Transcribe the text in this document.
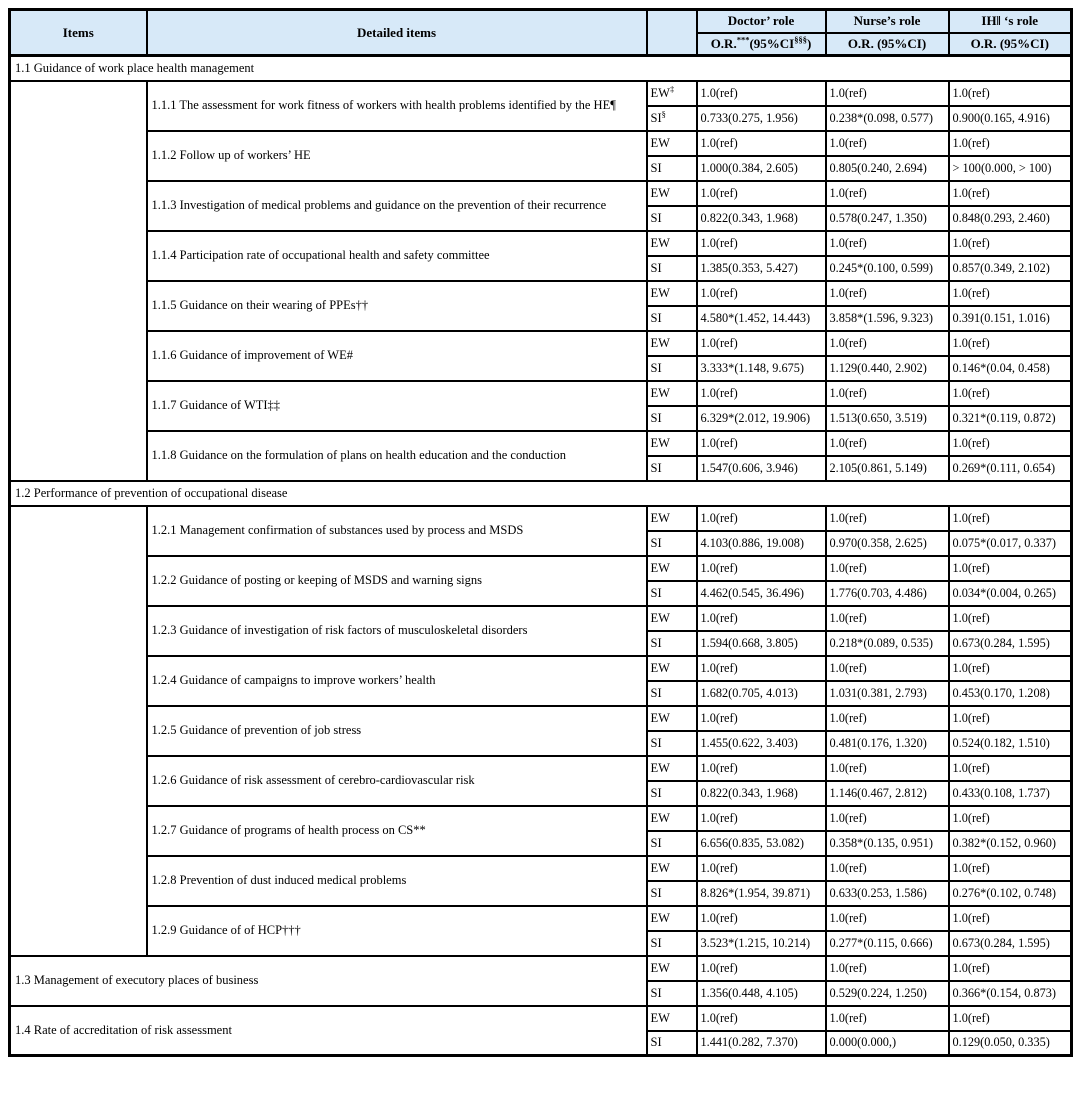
Items	Detailed items		Doctor’ role	Nurse’s role	IH‖ ‘s role
			O.R.***(95%CI§§§)	O.R. (95%CI)	O.R. (95%CI)
1.1 Guidance of work place health management					
	1.1.1 The assessment for work fitness of workers with health problems identified by the HE¶	EW‡	1.0(ref)	1.0(ref)	1.0(ref)
		SI§	0.733(0.275, 1.956)	0.238*(0.098, 0.577)	0.900(0.165, 4.916)
	1.1.2 Follow up of workers’ HE	EW	1.0(ref)	1.0(ref)	1.0(ref)
		SI	1.000(0.384, 2.605)	0.805(0.240, 2.694)	> 100(0.000, > 100)
	1.1.3 Investigation of medical problems and guidance on the prevention of their recurrence	EW	1.0(ref)	1.0(ref)	1.0(ref)
		SI	0.822(0.343, 1.968)	0.578(0.247, 1.350)	0.848(0.293, 2.460)
	1.1.4 Participation rate of occupational health and safety committee	EW	1.0(ref)	1.0(ref)	1.0(ref)
		SI	1.385(0.353, 5.427)	0.245*(0.100, 0.599)	0.857(0.349, 2.102)
	1.1.5 Guidance on their wearing of PPEs††	EW	1.0(ref)	1.0(ref)	1.0(ref)
		SI	4.580*(1.452, 14.443)	3.858*(1.596, 9.323)	0.391(0.151, 1.016)
	1.1.6 Guidance of improvement of WE#	EW	1.0(ref)	1.0(ref)	1.0(ref)
		SI	3.333*(1.148, 9.675)	1.129(0.440, 2.902)	0.146*(0.04, 0.458)
	1.1.7 Guidance of WTI‡‡	EW	1.0(ref)	1.0(ref)	1.0(ref)
		SI	6.329*(2.012, 19.906)	1.513(0.650, 3.519)	0.321*(0.119, 0.872)
	1.1.8 Guidance on the formulation of plans on health education and the conduction	EW	1.0(ref)	1.0(ref)	1.0(ref)
		SI	1.547(0.606, 3.946)	2.105(0.861, 5.149)	0.269*(0.111, 0.654)
1.2 Performance of prevention of occupational disease					
	1.2.1 Management confirmation of substances used by process and MSDS	EW	1.0(ref)	1.0(ref)	1.0(ref)
		SI	4.103(0.886, 19.008)	0.970(0.358, 2.625)	0.075*(0.017, 0.337)
	1.2.2 Guidance of posting or keeping of MSDS and warning signs	EW	1.0(ref)	1.0(ref)	1.0(ref)
		SI	4.462(0.545, 36.496)	1.776(0.703, 4.486)	0.034*(0.004, 0.265)
	1.2.3 Guidance of investigation of risk factors of musculoskeletal disorders	EW	1.0(ref)	1.0(ref)	1.0(ref)
		SI	1.594(0.668, 3.805)	0.218*(0.089, 0.535)	0.673(0.284, 1.595)
	1.2.4 Guidance of campaigns to improve workers’ health	EW	1.0(ref)	1.0(ref)	1.0(ref)
		SI	1.682(0.705, 4.013)	1.031(0.381, 2.793)	0.453(0.170, 1.208)
	1.2.5 Guidance of prevention of job stress	EW	1.0(ref)	1.0(ref)	1.0(ref)
		SI	1.455(0.622, 3.403)	0.481(0.176, 1.320)	0.524(0.182, 1.510)
	1.2.6 Guidance of risk assessment of cerebro-cardiovascular risk	EW	1.0(ref)	1.0(ref)	1.0(ref)
		SI	0.822(0.343, 1.968)	1.146(0.467, 2.812)	0.433(0.108, 1.737)
	1.2.7 Guidance of programs of health process on CS**	EW	1.0(ref)	1.0(ref)	1.0(ref)
		SI	6.656(0.835, 53.082)	0.358*(0.135, 0.951)	0.382*(0.152, 0.960)
	1.2.8 Prevention of dust induced medical problems	EW	1.0(ref)	1.0(ref)	1.0(ref)
		SI	8.826*(1.954, 39.871)	0.633(0.253, 1.586)	0.276*(0.102, 0.748)
	1.2.9 Guidance of of HCP†††	EW	1.0(ref)	1.0(ref)	1.0(ref)
		SI	3.523*(1.215, 10.214)	0.277*(0.115, 0.666)	0.673(0.284, 1.595)
1.3 Management of executory places of business		EW	1.0(ref)	1.0(ref)	1.0(ref)
		SI	1.356(0.448, 4.105)	0.529(0.224, 1.250)	0.366*(0.154, 0.873)
1.4 Rate of accreditation of risk assessment		EW	1.0(ref)	1.0(ref)	1.0(ref)
		SI	1.441(0.282, 7.370)	0.000(0.000,)	0.129(0.050, 0.335)
